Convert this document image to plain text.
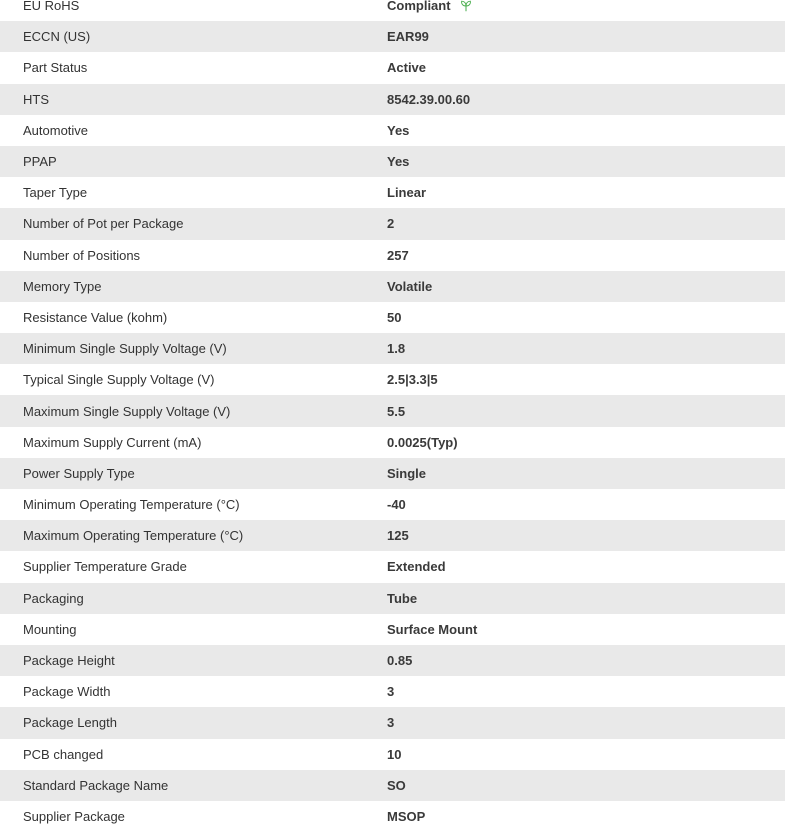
EU RoHS	Compliant
ECCN (US)	EAR99
Part Status	Active
HTS	8542.39.00.60
Automotive	Yes
PPAP	Yes
Taper Type	Linear
Number of Pot per Package	2
Number of Positions	257
Memory Type	Volatile
Resistance Value (kohm)	50
Minimum Single Supply Voltage (V)	1.8
Typical Single Supply Voltage (V)	2.5|3.3|5
Maximum Single Supply Voltage (V)	5.5
Maximum Supply Current (mA)	0.0025(Typ)
Power Supply Type	Single
Minimum Operating Temperature (°C)	-40
Maximum Operating Temperature (°C)	125
Supplier Temperature Grade	Extended
Packaging	Tube
Mounting	Surface Mount
Package Height	0.85
Package Width	3
Package Length	3
PCB changed	10
Standard Package Name	SO
Supplier Package	MSOP
